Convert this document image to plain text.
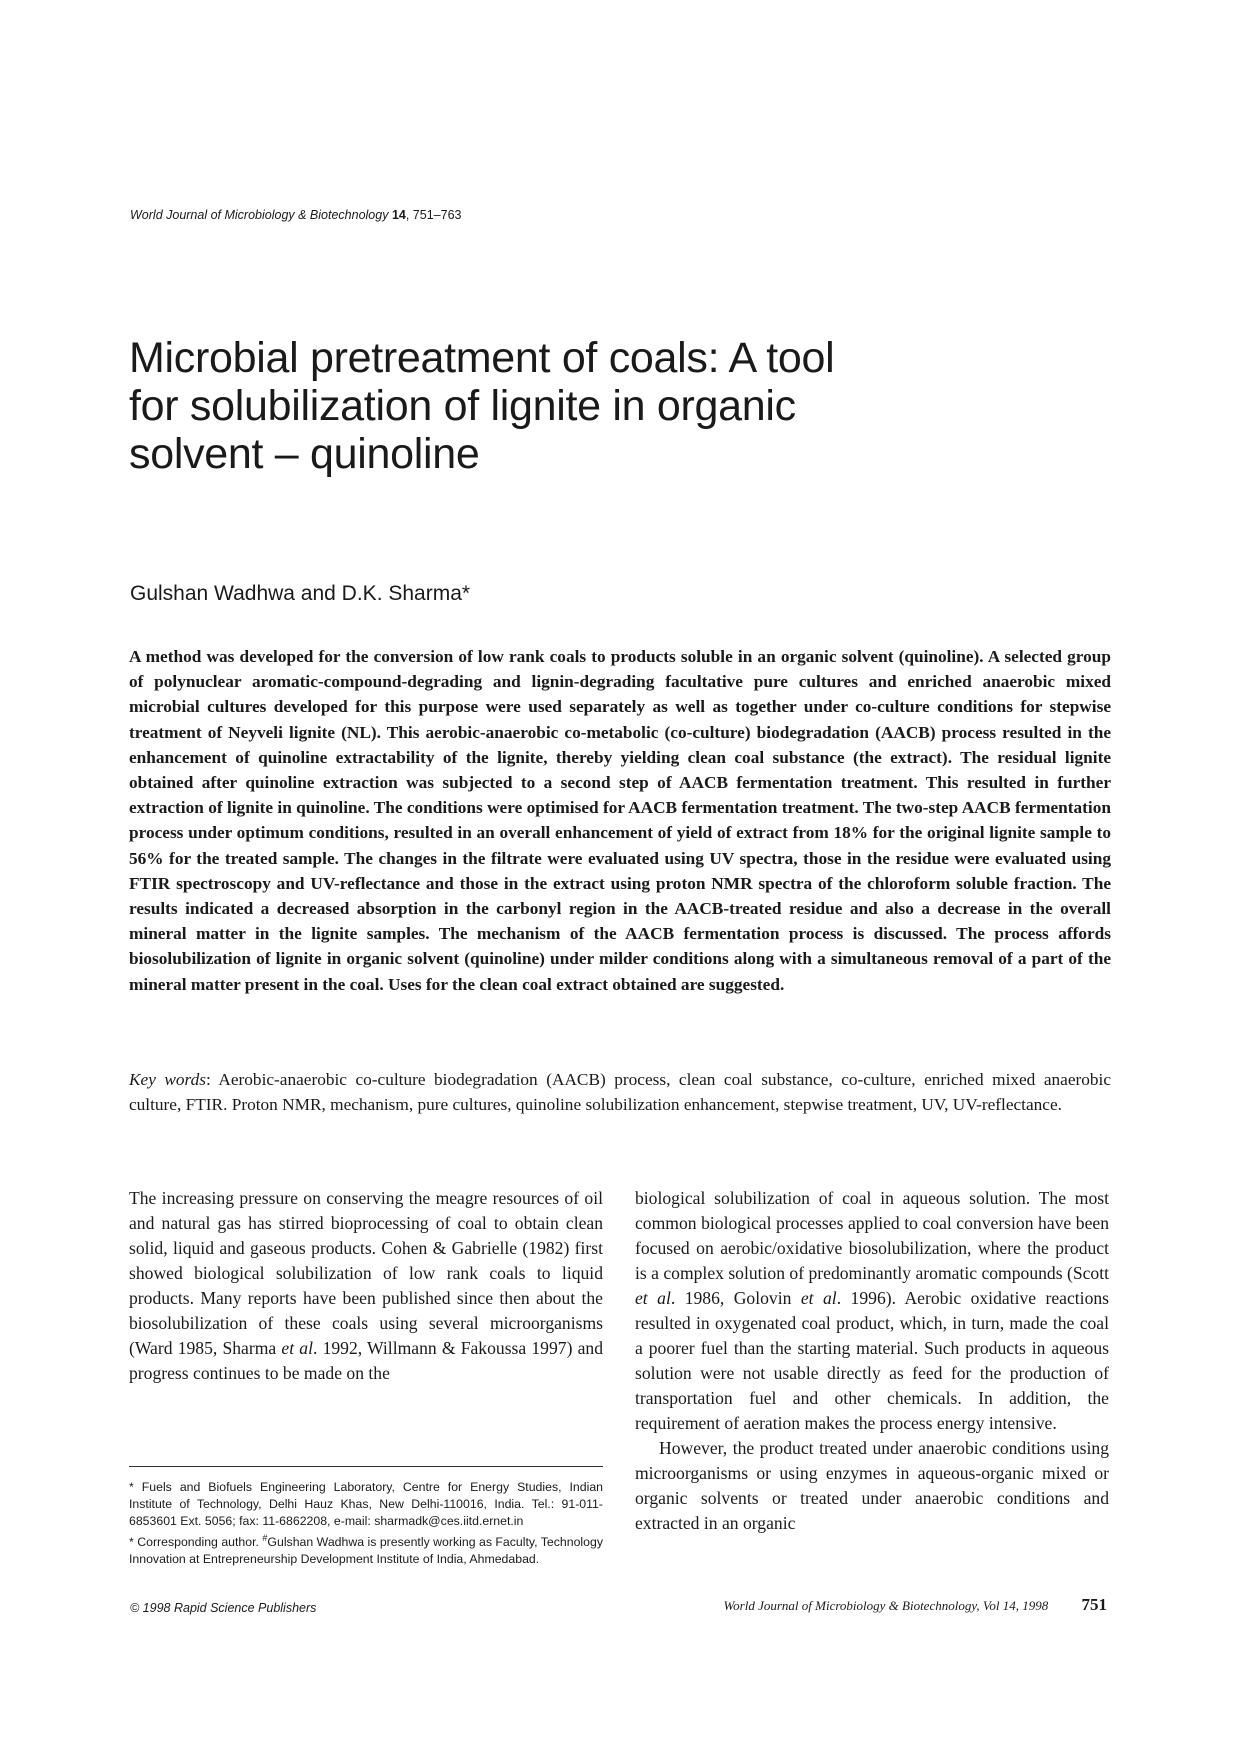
World Journal of Microbiology & Biotechnology 14, 751–763
Microbial pretreatment of coals: A tool
for solubilization of lignite in organic
solvent – quinoline
Gulshan Wadhwa and D.K. Sharma*

A method was developed for the conversion of low rank coals to products soluble in an organic solvent (quinoline). A selected group of polynuclear aromatic-compound-degrading and lignin-degrading facultative pure cultures and enriched anaerobic mixed microbial cultures developed for this purpose were used separately as well as together under co-culture conditions for stepwise treatment of Neyveli lignite (NL). This aerobic-anaerobic co-metabolic (co-culture) biodegradation (AACB) process resulted in the enhancement of quinoline extractability of the lignite, thereby yielding clean coal substance (the extract). The residual lignite obtained after quinoline extraction was subjected to a second step of AACB fermentation treatment. This resulted in further extraction of lignite in quinoline. The conditions were optimised for AACB fermentation treatment. The two-step AACB fermentation process under optimum conditions, resulted in an overall enhancement of yield of extract from 18% for the original lignite sample to 56% for the treated sample. The changes in the filtrate were evaluated using UV spectra, those in the residue were evaluated using FTIR spectroscopy and UV-reflectance and those in the extract using proton NMR spectra of the chloroform soluble fraction. The results indicated a decreased absorption in the carbonyl region in the AACB-treated residue and also a decrease in the overall mineral matter in the lignite samples. The mechanism of the AACB fermentation process is discussed. The process affords biosolubilization of lignite in organic solvent (quinoline) under milder conditions along with a simultaneous removal of a part of the mineral matter present in the coal. Uses for the clean coal extract obtained are suggested.

Key words: Aerobic-anaerobic co-culture biodegradation (AACB) process, clean coal substance, co-culture, enriched mixed anaerobic culture, FTIR. Proton NMR, mechanism, pure cultures, quinoline solubilization enhancement, stepwise treatment, UV, UV-reflectance.

The increasing pressure on conserving the meagre resources of oil and natural gas has stirred bioprocessing of coal to obtain clean solid, liquid and gaseous products. Cohen & Gabrielle (1982) first showed biological solubilization of low rank coals to liquid products. Many reports have been published since then about the biosolubilization of these coals using several microorganisms (Ward 1985, Sharma et al. 1992, Willmann & Fakoussa 1997) and progress continues to be made on the

* Fuels and Biofuels Engineering Laboratory, Centre for Energy Studies, Indian Institute of Technology, Delhi Hauz Khas, New Delhi-110016, India. Tel.: 91-011-6853601 Ext. 5056; fax: 11-6862208, e-mail: sharmadk@ces.iitd.ernet.in
* Corresponding author. #Gulshan Wadhwa is presently working as Faculty, Technology Innovation at Entrepreneurship Development Institute of India, Ahmedabad.
© 1998 Rapid Science Publishers

biological solubilization of coal in aqueous solution. The most common biological processes applied to coal conversion have been focused on aerobic/oxidative biosolubilization, where the product is a complex solution of predominantly aromatic compounds (Scott et al. 1986, Golovin et al. 1996). Aerobic oxidative reactions resulted in oxygenated coal product, which, in turn, made the coal a poorer fuel than the starting material. Such products in aqueous solution were not usable directly as feed for the production of transportation fuel and other chemicals. In addition, the requirement of aeration makes the process energy intensive.

However, the product treated under anaerobic conditions using microorganisms or using enzymes in aqueous-organic mixed or organic solvents or treated under anaerobic conditions and extracted in an organic

World Journal of Microbiology & Biotechnology, Vol 14, 1998 751
